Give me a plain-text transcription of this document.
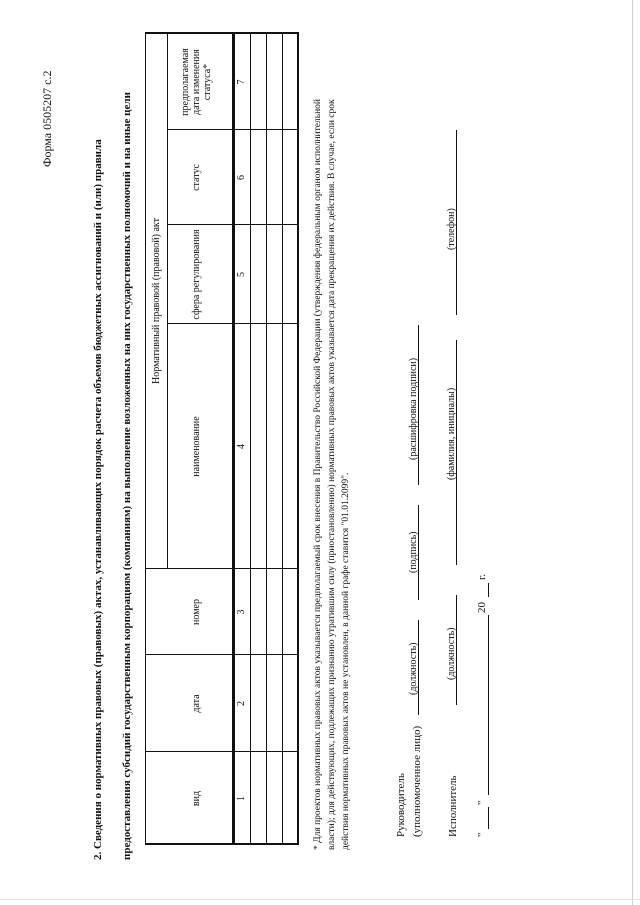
Форма 0505207 с.2
2. Сведения о нормативных правовых (правовых) актах, устанавливающих порядок расчета объемов бюджетных ассигнований и (или) правила предоставления субсидий государственным корпорациям (компаниям) на выполнение возложенных на них государственных полномочий и на иные цели Нормативный правовой (правовой) акт
вид
дата
номер
наименование
сфера регулирования
статус
предполагаемая дата изменения статуса*
1
2
3
4
5
6
7
* Для проектов нормативных правовых актов указывается предполагаемый срок внесения в Правительство Российской Федерации (утверждения федеральным органом исполнительной власти); для действующих, подлежащих признанию утратившим силу (приостановлению) нормативных правовых актов указывается дата прекращения их действия. В случае, если срок действия нормативных правовых актов не установлен, в данной графе ставится "01.01.2099".	Руководитель (уполномоченное лицо)
(должность)
(подпись)
(расшифровка подписи)
Исполнитель
(должность)
(фамилия, инициалы)
(телефон)
"
"
20
г.
